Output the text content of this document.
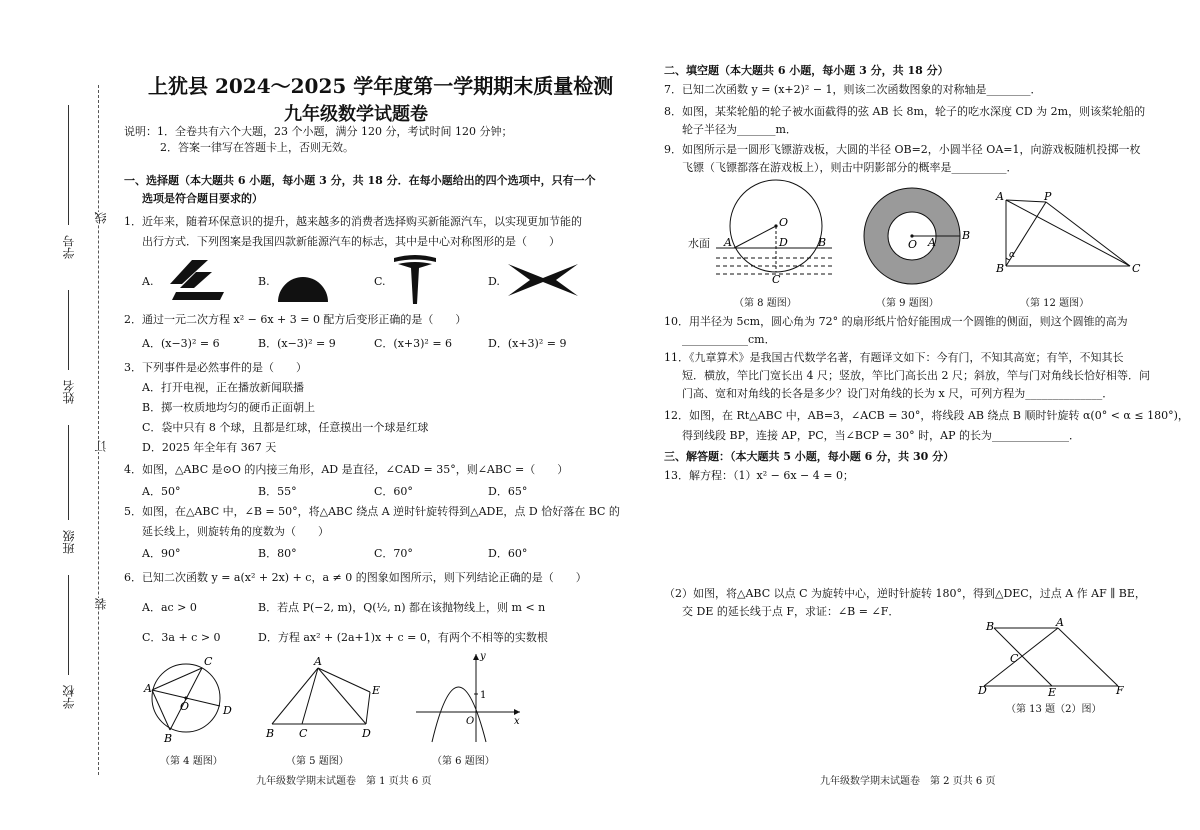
学号
姓名
班级
学校
线
订
装
上犹县 2024～2025 学年度第一学期期末质量检测
九年级数学试题卷
说明：1．全卷共有六个大题，23 个小题，满分 120 分，考试时间 120 分钟；
2．答案一律写在答题卡上，否则无效。
一、选择题（本大题共 6 小题，每小题 3 分，共 18 分．在每小题给出的四个选项中，只有一个
选项是符合题目要求的）
1．近年来，随着环保意识的提升，越来越多的消费者选择购买新能源汽车，以实现更加节能的
出行方式．下列图案是我国四款新能源汽车的标志，其中是中心对称图形的是（　　）
A.	B.	C.	D.
2．通过一元二次方程 x² − 6x + 3 = 0 配方后变形正确的是（　　）
A．(x−3)² = 6	B．(x−3)² = 9	C．(x+3)² = 6	D．(x+3)² = 9
3．下列事件是必然事件的是（　　）
A．打开电视，正在播放新闻联播
B．掷一枚质地均匀的硬币正面朝上
C．袋中只有 8 个球，且都是红球，任意摸出一个球是红球
D．2025 年全年有 367 天
4．如图，△ABC 是⊙O 的内接三角形，AD 是直径，∠CAD = 35°，则∠ABC =（　　）
A．50°	B．55°	C．60°	D．65°
5．如图，在△ABC 中，∠B = 50°，将△ABC 绕点 A 逆时针旋转得到△ADE，点 D 恰好落在 BC 的
延长线上，则旋转角的度数为（　　）
A．90°	B．80°	C．70°	D．60°
6．已知二次函数 y = a(x² + 2x) + c，a ≠ 0 的图象如图所示，则下列结论正确的是（　　）
A．ac > 0	B．若点 P(−2, m)，Q(½, n) 都在该抛物线上，则 m < n
C．3a + c > 0	D．方程 ax² + (2a+1)x + c = 0，有两个不相等的实数根
A
C
D
B
O
（第 4 题图）
A
B C	D
E
（第 5 题图）
y
x
1
O
（第 6 题图）
九年级数学期末试题卷　第 1 页共 6 页
二、填空题（本大题共 6 小题，每小题 3 分，共 18 分）
7．已知二次函数 y = (x+2)² − 1，则该二次函数图象的对称轴是________．
8．如图，某桨轮船的轮子被水面截得的弦 AB 长 8m，轮子的吃水深度 CD 为 2m，则该桨轮船的
轮子半径为_______m．
9．如图所示是一圆形飞镖游戏板，大圆的半径 OB=2，小圆半径 OA=1，向游戏板随机投掷一枚
飞镖（飞镖都落在游戏板上），则击中阴影部分的概率是__________．
水面
O
A	D	B
C
（第 8 题图）
O A
B
（第 9 题图）
A	P
B	C
α
（第 12 题图）
10．用半径为 5cm，圆心角为 72° 的扇形纸片恰好能围成一个圆锥的侧面，则这个圆锥的高为
____________cm．
11．《九章算术》是我国古代数学名著，有题译文如下：今有门，不知其高宽；有竿，不知其长
短．横放，竿比门宽长出 4 尺；竖放，竿比门高长出 2 尺；斜放，竿与门对角线长恰好相等．问
门高、宽和对角线的长各是多少？设门对角线的长为 x 尺，可列方程为______________．
12．如图，在 Rt△ABC 中，AB=3，∠ACB = 30°，将线段 AB 绕点 B 顺时针旋转 α(0° < α ≤ 180°)，
得到线段 BP，连接 AP，PC，当∠BCP = 30° 时，AP 的长为______________．
三、解答题：（本大题共 5 小题，每小题 6 分，共 30 分）
13．解方程：（1）x² − 6x − 4 = 0；
（2）如图，将△ABC 以点 C 为旋转中心，逆时针旋转 180°，得到△DEC，过点 A 作 AF ∥ BE，
交 DE 的延长线于点 F，求证：∠B = ∠F．
B	A
C
D	E	F
（第 13 题（2）图）
九年级数学期末试题卷　第 2 页共 6 页
